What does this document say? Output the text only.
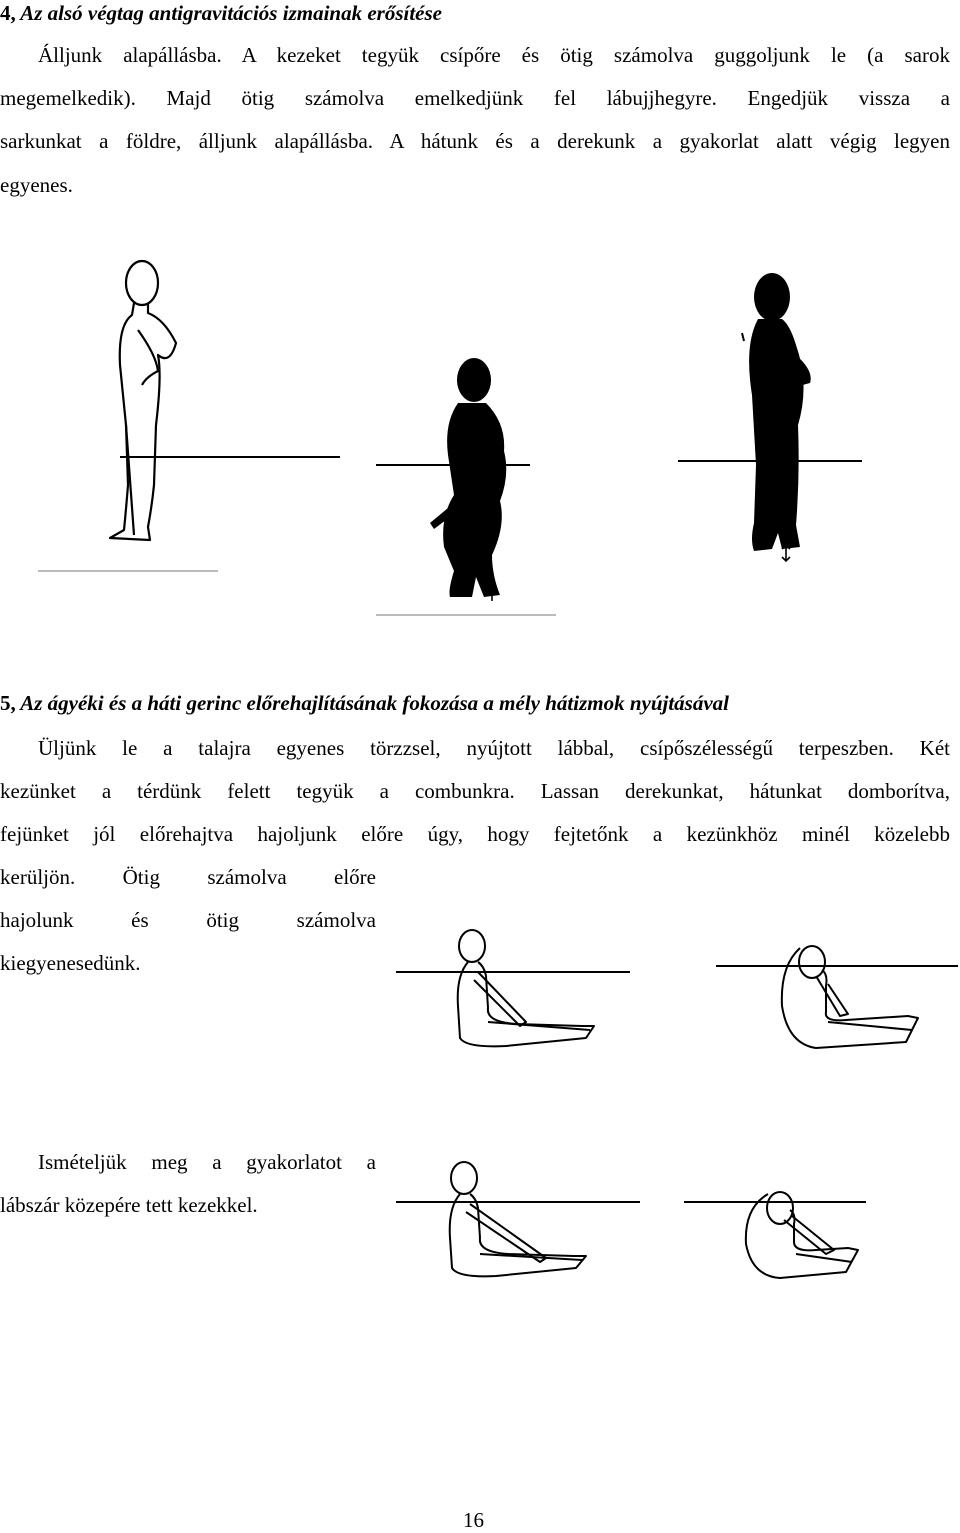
4, Az alsó végtag antigravitációs izmainak erősítése
Álljunk alapállásba. A kezeket tegyük csípőre és ötig számolva guggoljunk le (a sarok
megemelkedik). Majd ötig számolva emelkedjünk fel lábujjhegyre. Engedjük vissza a
sarkunkat a földre, álljunk alapállásba. A hátunk és a derekunk a gyakorlat alatt végig legyen
egyenes.
5, Az ágyéki és a háti gerinc előrehajlításának fokozása a mély hátizmok nyújtásával
Üljünk le a talajra egyenes törzzsel, nyújtott lábbal, csípőszélességű terpeszben. Két
kezünket a térdünk felett tegyük a combunkra. Lassan derekunkat, hátunkat domborítva,
fejünket jól előrehajtva hajoljunk előre úgy, hogy fejtetőnk a kezünkhöz minél közelebb
kerüljön. Ötig számolva előre
hajolunk és ötig számolva
kiegyenesedünk.
Ismételjük meg a gyakorlatot a
lábszár közepére tett kezekkel.
16
